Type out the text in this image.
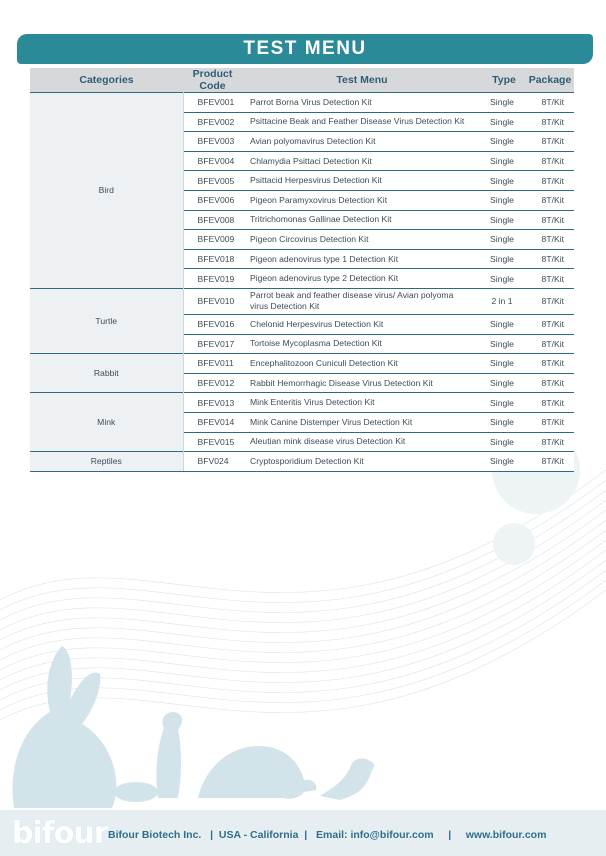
TEST MENU
Categories	Product Code	Test Menu	Type	Package
Bird	BFEV001	Parrot Borna Virus Detection Kit	Single	8T/Kit
	BFEV002	Psittacine Beak and Feather Disease Virus Detection Kit	Single	8T/Kit
	BFEV003	Avian polyomavirus Detection Kit	Single	8T/Kit
	BFEV004	Chlamydia Psittaci Detection Kit	Single	8T/Kit
	BFEV005	Psittacid Herpesvirus Detection Kit	Single	8T/Kit
	BFEV006	Pigeon Paramyxovirus Detection Kit	Single	8T/Kit
	BFEV008	Tritrichomonas Gallinae Detection Kit	Single	8T/Kit
	BFEV009	Pigeon Circovirus Detection Kit	Single	8T/Kit
	BFEV018	Pigeon adenovirus type 1 Detection Kit	Single	8T/Kit
	BFEV019	Pigeon adenovirus type 2 Detection Kit	Single	8T/Kit
Turtle	BFEV010	Parrot beak and feather disease virus/ Avian polyoma
virus Detection Kit	2 in 1	8T/Kit
	BFEV016	Chelonid Herpesvirus Detection Kit	Single	8T/Kit
	BFEV017	Tortoise Mycoplasma Detection Kit	Single	8T/Kit
Rabbit	BFEV011	Encephalitozoon Cuniculi Detection Kit	Single	8T/Kit
	BFEV012	Rabbit Hemorrhagic Disease Virus Detection Kit	Single	8T/Kit
Mink	BFEV013	Mink Enteritis Virus Detection Kit	Single	8T/Kit
	BFEV014	Mink Canine Distemper Virus Detection Kit	Single	8T/Kit
	BFEV015	Aleutian mink disease virus Detection Kit	Single	8T/Kit
Reptiles	BFV024	Cryptosporidium Detection Kit	Single	8T/Kit
bifour Bifour Biotech Inc. | USA - California | Email: info@bifour.com | www.bifour.com
